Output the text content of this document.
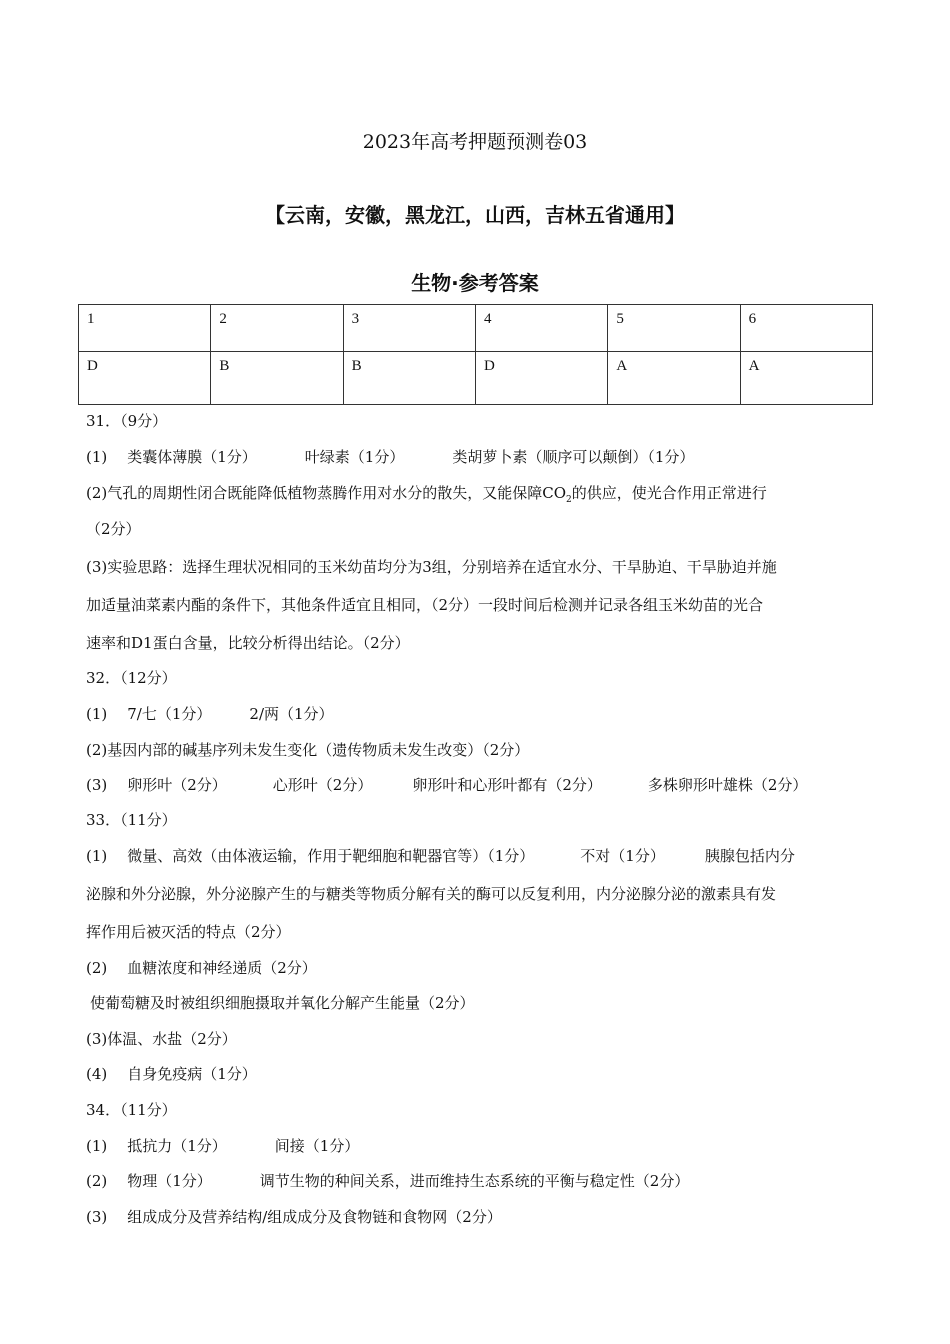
2023年高考押题预测卷03
【云南，安徽，黑龙江，山西，吉林五省通用】
生物·参考答案
1	2	3	4	5	6
D	B	B	D	A	A
31．（9分）
(1) 类囊体薄膜（1分）	叶绿素（1分）	类胡萝卜素（顺序可以颠倒）（1分）
(2)气孔的周期性闭合既能降低植物蒸腾作用对水分的散失，又能保障$CO_2$的供应，使光合作用正常进行
（2分）
(3)实验思路：选择生理状况相同的玉米幼苗均分为3组，分别培养在适宜水分、干旱胁迫、干旱胁迫并施
加适量油菜素内酯的条件下，其他条件适宜且相同，（2分）一段时间后检测并记录各组玉米幼苗的光合
速率和D1蛋白含量，比较分析得出结论。（2分）
32．（12分）
(1) 7/七（1分）	2/两（1分）
(2)基因内部的碱基序列未发生变化（遗传物质未发生改变）（2分）
(3) 卵形叶（2分）	心形叶（2分）	卵形叶和心形叶都有（2分）	多株卵形叶雄株（2分）
33．（11分）
(1) 微量、高效（由体液运输，作用于靶细胞和靶器官等）（1分）	不对（1分）	胰腺包括内分
泌腺和外分泌腺，外分泌腺产生的与糖类等物质分解有关的酶可以反复利用，内分泌腺分泌的激素具有发
挥作用后被灭活的特点（2分）
(2) 血糖浓度和神经递质（2分）
使葡萄糖及时被组织细胞摄取并氧化分解产生能量（2分）
(3)体温、水盐（2分）
(4) 自身免疫病（1分）
34．（11分）
(1) 抵抗力（1分）	间接（1分）
(2) 物理（1分）	调节生物的种间关系，进而维持生态系统的平衡与稳定性（2分）
(3) 组成成分及营养结构/组成成分及食物链和食物网（2分）
